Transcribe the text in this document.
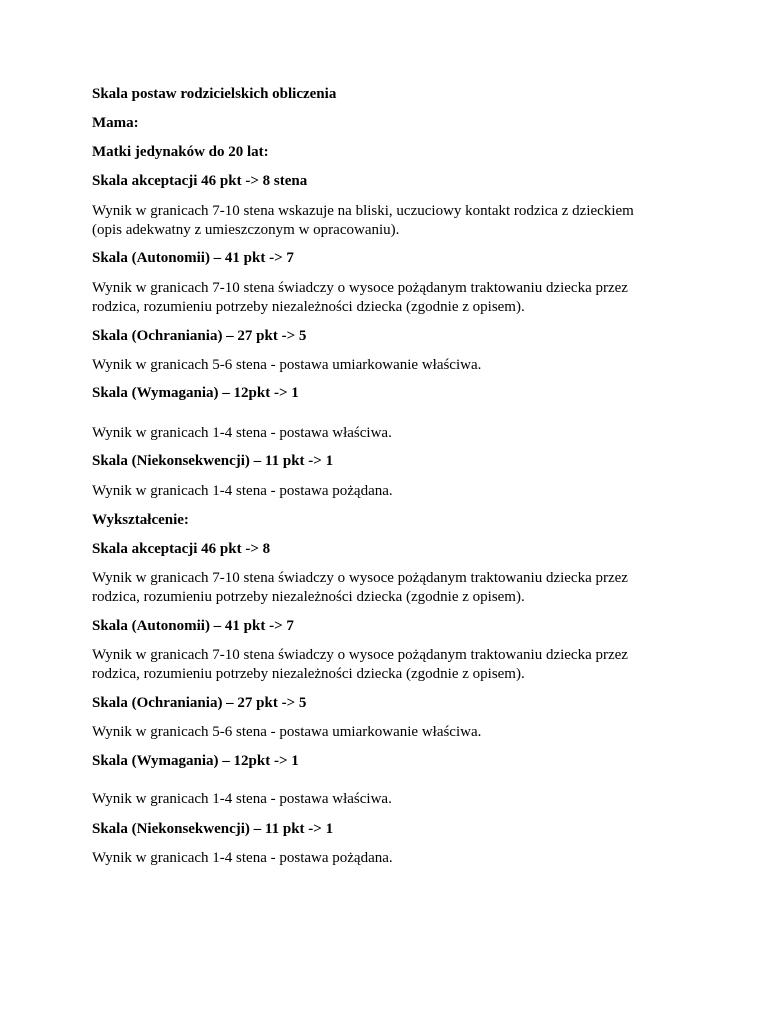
Skala postaw rodzicielskich obliczenia
Mama:
Matki jedynaków do 20 lat:
Skala akceptacji 46 pkt -> 8 stena
Wynik w granicach 7-10 stena wskazuje na bliski, uczuciowy kontakt rodzica z dzieckiem
(opis adekwatny z umieszczonym w opracowaniu).
Skala (Autonomii) – 41 pkt -> 7
Wynik w granicach 7-10 stena świadczy o wysoce pożądanym traktowaniu dziecka przez
rodzica, rozumieniu potrzeby niezależności dziecka (zgodnie z opisem).
Skala (Ochraniania) – 27 pkt -> 5
Wynik w granicach 5-6 stena - postawa umiarkowanie właściwa.
Skala (Wymagania) – 12pkt -> 1
Wynik w granicach 1-4 stena - postawa właściwa.
Skala (Niekonsekwencji) – 11 pkt -> 1
Wynik w granicach 1-4 stena - postawa pożądana.
Wykształcenie:
Skala akceptacji 46 pkt -> 8
Wynik w granicach 7-10 stena świadczy o wysoce pożądanym traktowaniu dziecka przez
rodzica, rozumieniu potrzeby niezależności dziecka (zgodnie z opisem).
Skala (Autonomii) – 41 pkt -> 7
Wynik w granicach 7-10 stena świadczy o wysoce pożądanym traktowaniu dziecka przez
rodzica, rozumieniu potrzeby niezależności dziecka (zgodnie z opisem).
Skala (Ochraniania) – 27 pkt -> 5
Wynik w granicach 5-6 stena - postawa umiarkowanie właściwa.
Skala (Wymagania) – 12pkt -> 1
Wynik w granicach 1-4 stena - postawa właściwa.
Skala (Niekonsekwencji) – 11 pkt -> 1
Wynik w granicach 1-4 stena - postawa pożądana.
